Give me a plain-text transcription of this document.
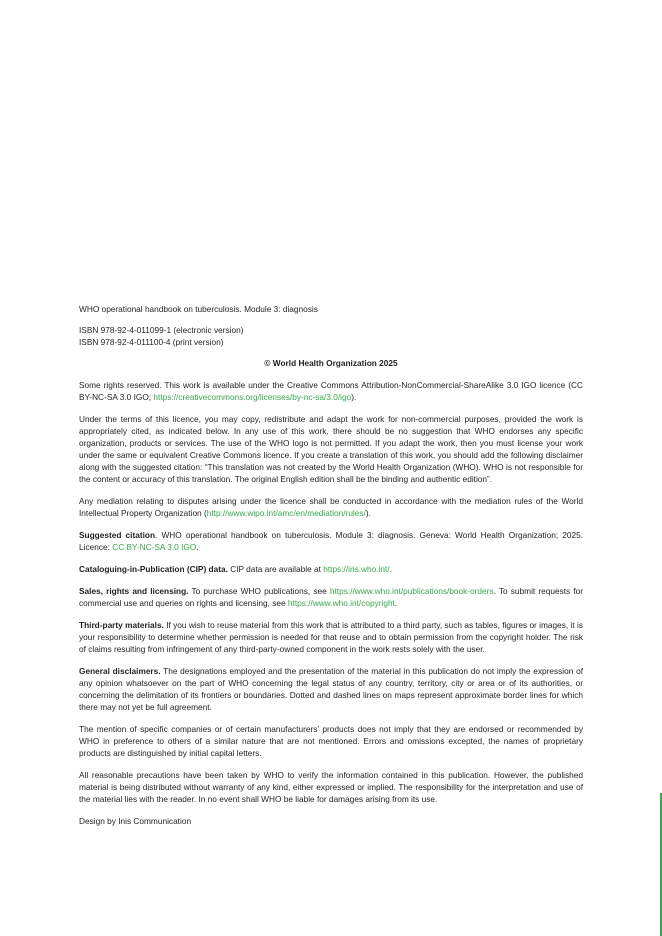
WHO operational handbook on tuberculosis. Module 3: diagnosis

ISBN 978-92-4-011099-1 (electronic version)
ISBN 978-92-4-011100-4 (print version)

© World Health Organization 2025

Some rights reserved. This work is available under the Creative Commons Attribution-NonCommercial-ShareAlike 3.0 IGO licence (CC BY-NC-SA 3.0 IGO; https://creativecommons.org/licenses/by-nc-sa/3.0/igo).

Under the terms of this licence, you may copy, redistribute and adapt the work for non-commercial purposes, provided the work is appropriately cited, as indicated below. In any use of this work, there should be no suggestion that WHO endorses any specific organization, products or services. The use of the WHO logo is not permitted. If you adapt the work, then you must license your work under the same or equivalent Creative Commons licence. If you create a translation of this work, you should add the following disclaimer along with the suggested citation: “This translation was not created by the World Health Organization (WHO). WHO is not responsible for the content or accuracy of this translation. The original English edition shall be the binding and authentic edition”.

Any mediation relating to disputes arising under the licence shall be conducted in accordance with the mediation rules of the World Intellectual Property Organization (http://www.wipo.int/amc/en/mediation/rules/).

Suggested citation. WHO operational handbook on tuberculosis. Module 3: diagnosis. Geneva: World Health Organization; 2025. Licence: CC BY-NC-SA 3.0 IGO.

Cataloguing-in-Publication (CIP) data. CIP data are available at https://iris.who.int/.

Sales, rights and licensing. To purchase WHO publications, see https://www.who.int/publications/book-orders. To submit requests for commercial use and queries on rights and licensing, see https://www.who.int/copyright.

Third-party materials. If you wish to reuse material from this work that is attributed to a third party, such as tables, figures or images, it is your responsibility to determine whether permission is needed for that reuse and to obtain permission from the copyright holder. The risk of claims resulting from infringement of any third-party-owned component in the work rests solely with the user.

General disclaimers. The designations employed and the presentation of the material in this publication do not imply the expression of any opinion whatsoever on the part of WHO concerning the legal status of any country, territory, city or area or of its authorities, or concerning the delimitation of its frontiers or boundaries. Dotted and dashed lines on maps represent approximate border lines for which there may not yet be full agreement.

The mention of specific companies or of certain manufacturers’ products does not imply that they are endorsed or recommended by WHO in preference to others of a similar nature that are not mentioned. Errors and omissions excepted, the names of proprietary products are distinguished by initial capital letters.

All reasonable precautions have been taken by WHO to verify the information contained in this publication. However, the published material is being distributed without warranty of any kind, either expressed or implied. The responsibility for the interpretation and use of the material lies with the reader. In no event shall WHO be liable for damages arising from its use.

Design by Inis Communication
